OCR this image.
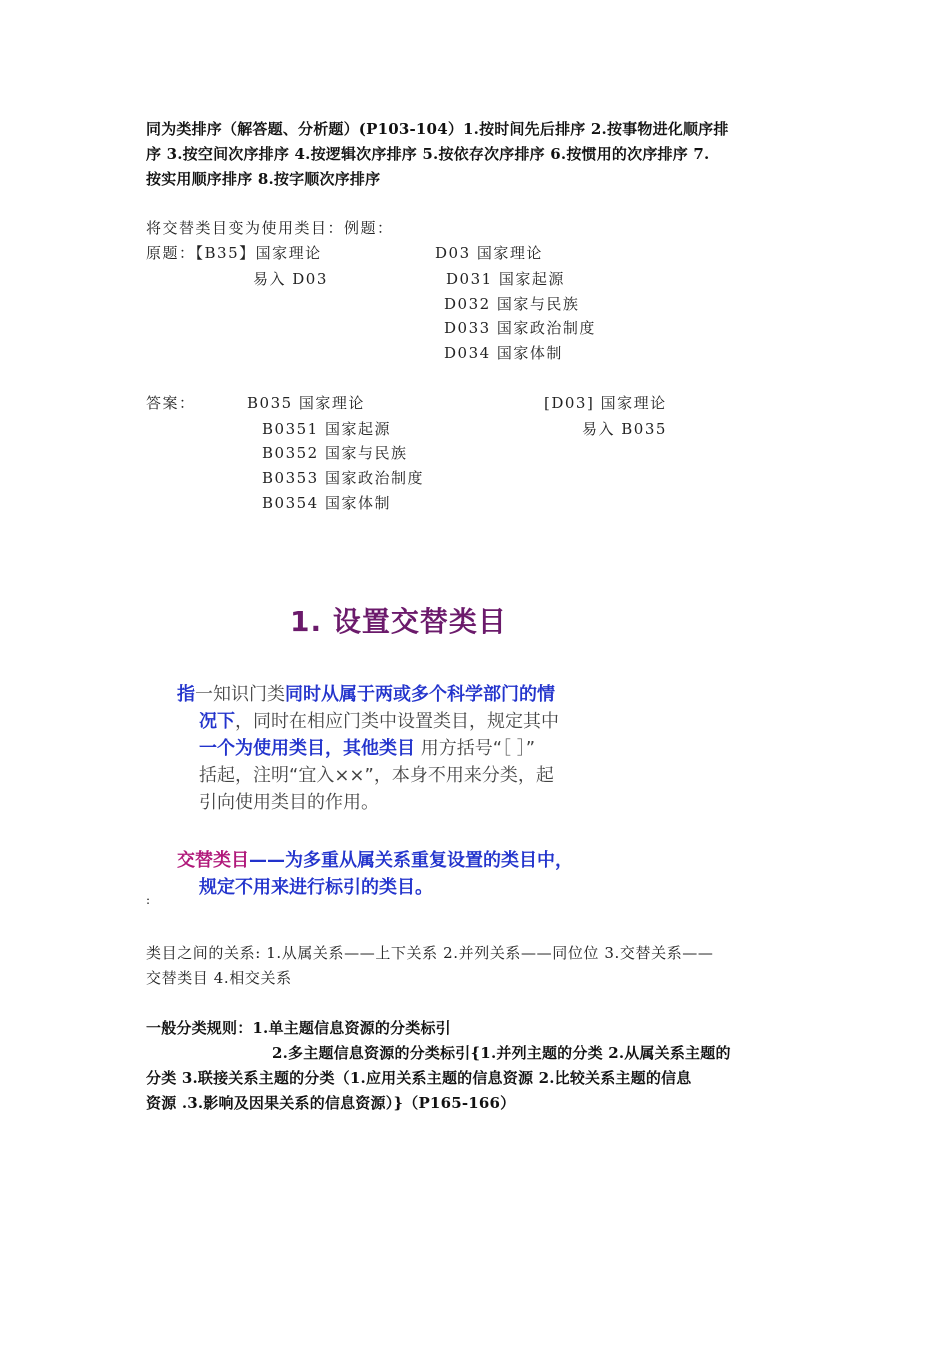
同为类排序（解答题、分析题）(P103-104）1.按时间先后排序 2.按事物进化顺序排
序 3.按空间次序排序 4.按逻辑次序排序 5.按依存次序排序 6.按惯用的次序排序 7.
按实用顺序排序 8.按字顺次序排序
将交替类目变为使用类目：例题：
原题：【B35】国家理论
易入 D03
D03 国家理论
D031 国家起源
D032 国家与民族
D033 国家政治制度
D034 国家体制
答案：	B035 国家理论
B0351 国家起源
B0352 国家与民族
B0353 国家政治制度
B0354 国家体制
[D03] 国家理论
易入 B035
1. 设置交替类目
指一知识门类同时从属于两或多个科学部门的情
况下，同时在相应门类中设置类目，规定其中
一个为使用类目，其他类目 用方括号“［ ］”
括起，注明“宜入××”，本身不用来分类，起
引向使用类目的作用。
交替类目——为多重从属关系重复设置的类目中，
规定不用来进行标引的类目。
:
类目之间的关系: 1.从属关系——上下关系 2.并列关系——同位位 3.交替关系——
交替类目 4.相交关系
一般分类规则：1.单主题信息资源的分类标引
2.多主题信息资源的分类标引{1.并列主题的分类 2.从属关系主题的
分类 3.联接关系主题的分类（1.应用关系主题的信息资源 2.比较关系主题的信息
资源 .3.影响及因果关系的信息资源）}（P165-166）
